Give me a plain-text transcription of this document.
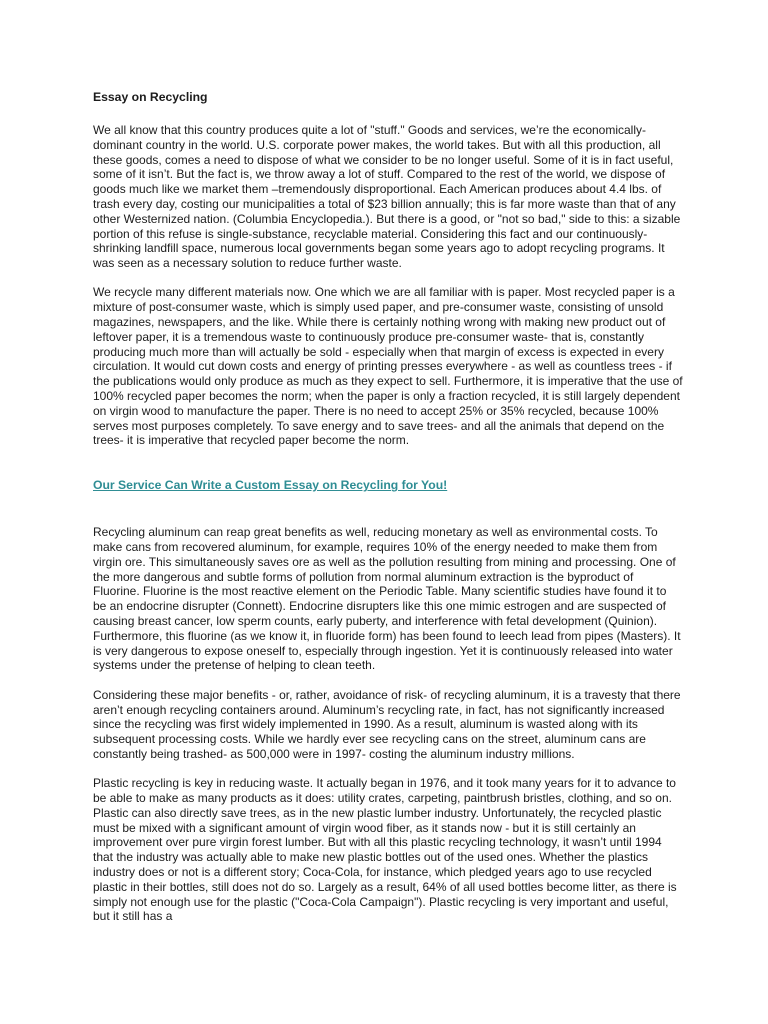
Essay on Recycling

We all know that this country produces quite a lot of "stuff." Goods and services, we’re the economically-dominant country in the world. U.S. corporate power makes, the world takes. But with all this production, all these goods, comes a need to dispose of what we consider to be no longer useful. Some of it is in fact useful, some of it isn’t. But the fact is, we throw away a lot of stuff. Compared to the rest of the world, we dispose of goods much like we market them –tremendously disproportional. Each American produces about 4.4 lbs. of trash every day, costing our municipalities a total of $23 billion annually; this is far more waste than that of any other Westernized nation. (Columbia Encyclopedia.). But there is a good, or "not so bad," side to this: a sizable portion of this refuse is single-substance, recyclable material. Considering this fact and our continuously-shrinking landfill space, numerous local governments began some years ago to adopt recycling programs. It was seen as a necessary solution to reduce further waste.

We recycle many different materials now. One which we are all familiar with is paper. Most recycled paper is a mixture of post-consumer waste, which is simply used paper, and pre-consumer waste, consisting of unsold magazines, newspapers, and the like. While there is certainly nothing wrong with making new product out of leftover paper, it is a tremendous waste to continuously produce pre-consumer waste- that is, constantly producing much more than will actually be sold - especially when that margin of excess is expected in every circulation. It would cut down costs and energy of printing presses everywhere - as well as countless trees - if the publications would only produce as much as they expect to sell. Furthermore, it is imperative that the use of 100% recycled paper becomes the norm; when the paper is only a fraction recycled, it is still largely dependent on virgin wood to manufacture the paper. There is no need to accept 25% or 35% recycled, because 100% serves most purposes completely. To save energy and to save trees- and all the animals that depend on the trees- it is imperative that recycled paper become the norm.

Our Service Can Write a Custom Essay on Recycling for You!

Recycling aluminum can reap great benefits as well, reducing monetary as well as environmental costs. To make cans from recovered aluminum, for example, requires 10% of the energy needed to make them from virgin ore. This simultaneously saves ore as well as the pollution resulting from mining and processing. One of the more dangerous and subtle forms of pollution from normal aluminum extraction is the byproduct of Fluorine. Fluorine is the most reactive element on the Periodic Table. Many scientific studies have found it to be an endocrine disrupter (Connett). Endocrine disrupters like this one mimic estrogen and are suspected of causing breast cancer, low sperm counts, early puberty, and interference with fetal development (Quinion). Furthermore, this fluorine (as we know it, in fluoride form) has been found to leech lead from pipes (Masters). It is very dangerous to expose oneself to, especially through ingestion. Yet it is continuously released into water systems under the pretense of helping to clean teeth.

Considering these major benefits - or, rather, avoidance of risk- of recycling aluminum, it is a travesty that there aren’t enough recycling containers around. Aluminum’s recycling rate, in fact, has not significantly increased since the recycling was first widely implemented in 1990. As a result, aluminum is wasted along with its subsequent processing costs. While we hardly ever see recycling cans on the street, aluminum cans are constantly being trashed- as 500,000 were in 1997- costing the aluminum industry millions.

Plastic recycling is key in reducing waste. It actually began in 1976, and it took many years for it to advance to be able to make as many products as it does: utility crates, carpeting, paintbrush bristles, clothing, and so on. Plastic can also directly save trees, as in the new plastic lumber industry. Unfortunately, the recycled plastic must be mixed with a significant amount of virgin wood fiber, as it stands now - but it is still certainly an improvement over pure virgin forest lumber. But with all this plastic recycling technology, it wasn’t until 1994 that the industry was actually able to make new plastic bottles out of the used ones. Whether the plastics industry does or not is a different story; Coca-Cola, for instance, which pledged years ago to use recycled plastic in their bottles, still does not do so. Largely as a result, 64% of all used bottles become litter, as there is simply not enough use for the plastic ("Coca-Cola Campaign"). Plastic recycling is very important and useful, but it still has a
